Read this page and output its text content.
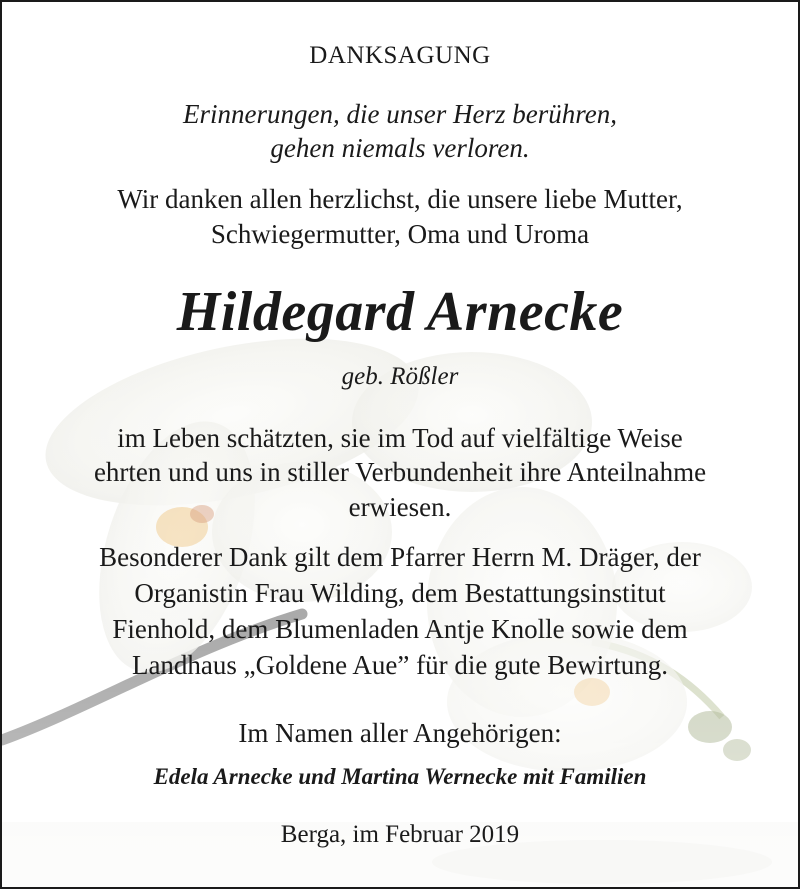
DANKSAGUNG
Erinnerungen, die unser Herz berühren,
gehen niemals verloren.
Wir danken allen herzlichst, die unsere liebe Mutter,
Schwiegermutter, Oma und Uroma
Hildegard Arnecke
geb. Rößler
im Leben schätzten, sie im Tod auf vielfältige Weise
ehrten und uns in stiller Verbundenheit ihre Anteilnahme
erwiesen.
Besonderer Dank gilt dem Pfarrer Herrn M. Dräger, der
Organistin Frau Wilding, dem Bestattungsinstitut
Fienhold, dem Blumenladen Antje Knolle sowie dem
Landhaus „Goldene Aue” für die gute Bewirtung.
Im Namen aller Angehörigen:
Edela Arnecke und Martina Wernecke mit Familien
Berga, im Februar 2019
